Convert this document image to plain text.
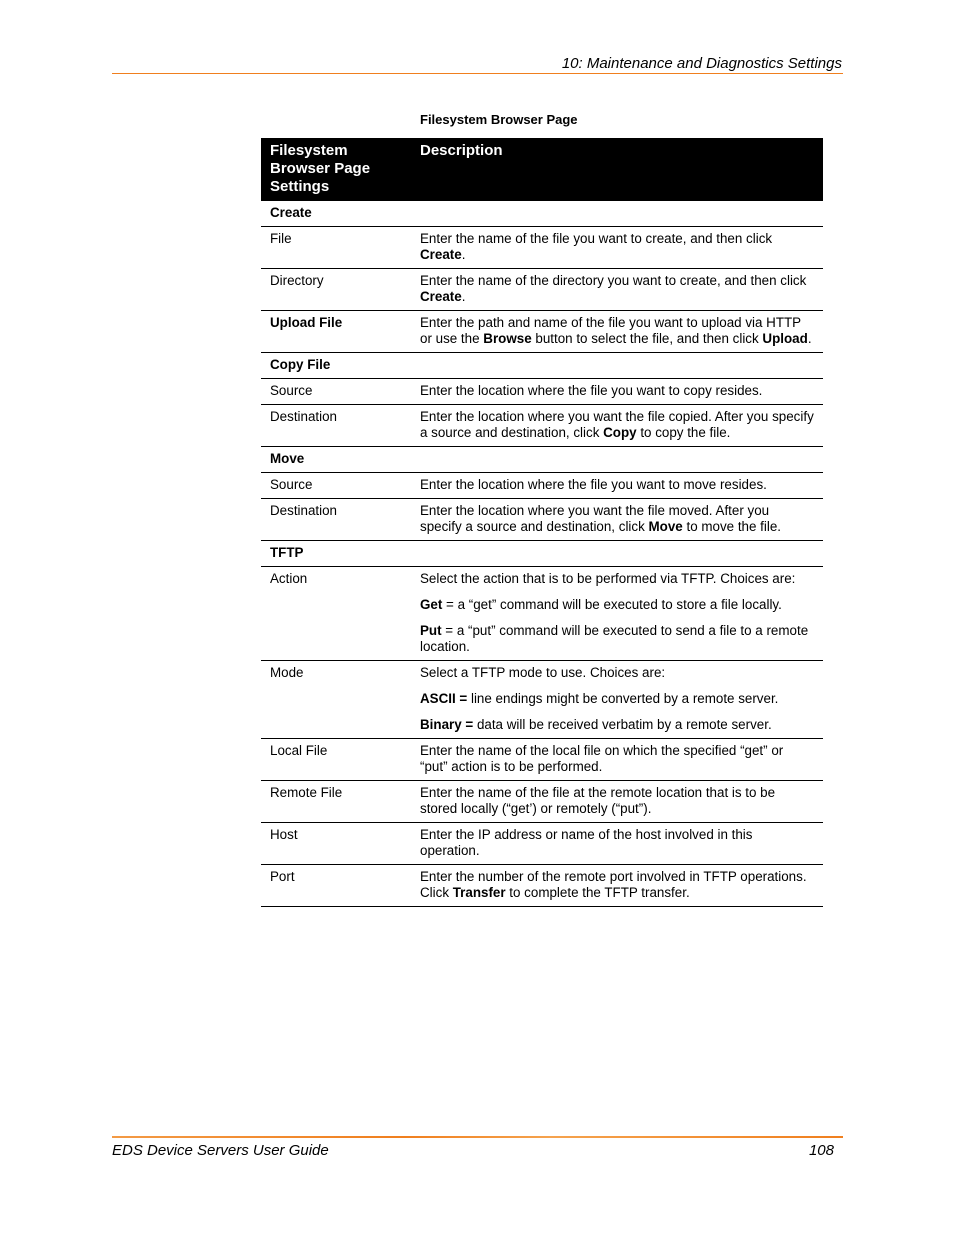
10: Maintenance and Diagnostics Settings
Filesystem Browser Page
Filesystem Browser Page Settings	Description
Create	
File	Enter the name of the file you want to create, and then click Create.

Directory	Enter the name of the directory you want to create, and then click Create.

Upload File	Enter the path and name of the file you want to upload via HTTP or use the Browse button to select the file, and then click Upload.

Copy File	
Source	Enter the location where the file you want to copy resides.

Destination	Enter the location where you want the file copied. After you specify a source and destination, click Copy to copy the file.

Move	
Source	Enter the location where the file you want to move resides.

Destination	Enter the location where you want the file moved. After you specify a source and destination, click Move to move the file.

TFTP	
Action	Select the action that is to be performed via TFTP. Choices are:

Get = a “get” command will be executed to store a file locally.

Put = a “put” command will be executed to send a file to a remote location.

Mode	Select a TFTP mode to use. Choices are:

ASCII = line endings might be converted by a remote server.

Binary = data will be received verbatim by a remote server.

Local File	Enter the name of the local file on which the specified “get” or “put” action is to be performed.

Remote File	Enter the name of the file at the remote location that is to be stored locally (“get’) or remotely (“put”).

Host	Enter the IP address or name of the host involved in this operation.

Port	Enter the number of the remote port involved in TFTP operations. Click Transfer to complete the TFTP transfer.

EDS Device Servers User Guide	108
